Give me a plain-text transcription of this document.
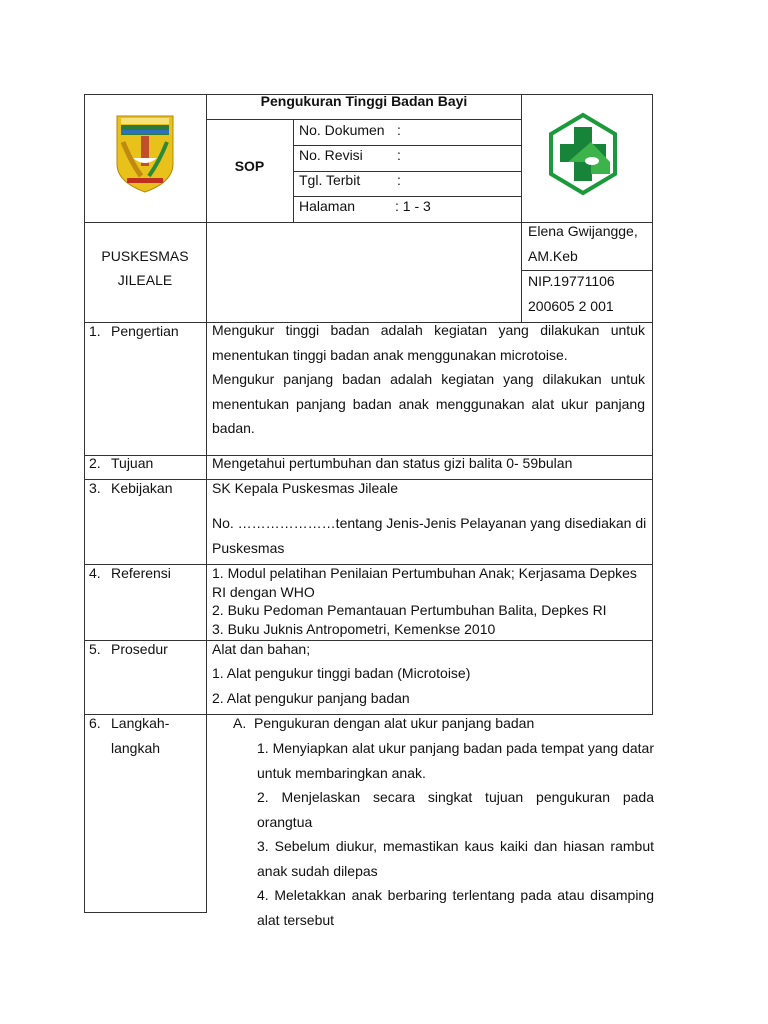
Pengukuran Tinggi Badan Bayi
SOP
No. Dokumen :
No. Revisi :
Tgl. Terbit	:
Halaman	: 1 - 3
PUSKESMAS
JILEALE
Elena Gwijangge,
AM.Keb
NIP.19771106
200605 2 001
1. Pengertian Mengukur tinggi badan adalah kegiatan yang dilakukan untuk
menentukan tinggi badan anak menggunakan microtoise.
Mengukur panjang badan adalah kegiatan yang dilakukan untuk
menentukan panjang badan anak menggunakan alat ukur panjang
badan.
2. Tujuan	Mengetahui pertumbuhan dan status gizi balita 0- 59bulan
3. Kebijakan	SK Kepala Puskesmas Jileale
No. …………………tentang Jenis-Jenis Pelayanan yang disediakan di
Puskesmas
4. Referensi	1. Modul pelatihan Penilaian Pertumbuhan Anak; Kerjasama Depkes
RI dengan WHO
2. Buku Pedoman Pemantauan Pertumbuhan Balita, Depkes RI
3. Buku Juknis Antropometri, Kemenkse 2010
5. Prosedur	Alat dan bahan;
1. Alat pengukur tinggi badan (Microtoise)
2. Alat pengukur panjang badan
6. Langkah-
langkah
A.  Pengukuran dengan alat ukur panjang badan
1. Menyiapkan alat ukur panjang badan pada tempat yang datar
untuk membaringkan anak.
2. Menjelaskan secara singkat tujuan pengukuran pada orangtua
3. Sebelum diukur, memastikan kaus kaiki dan hiasan rambut
anak sudah dilepas
4. Meletakkan anak berbaring terlentang pada atau disamping
alat tersebut
